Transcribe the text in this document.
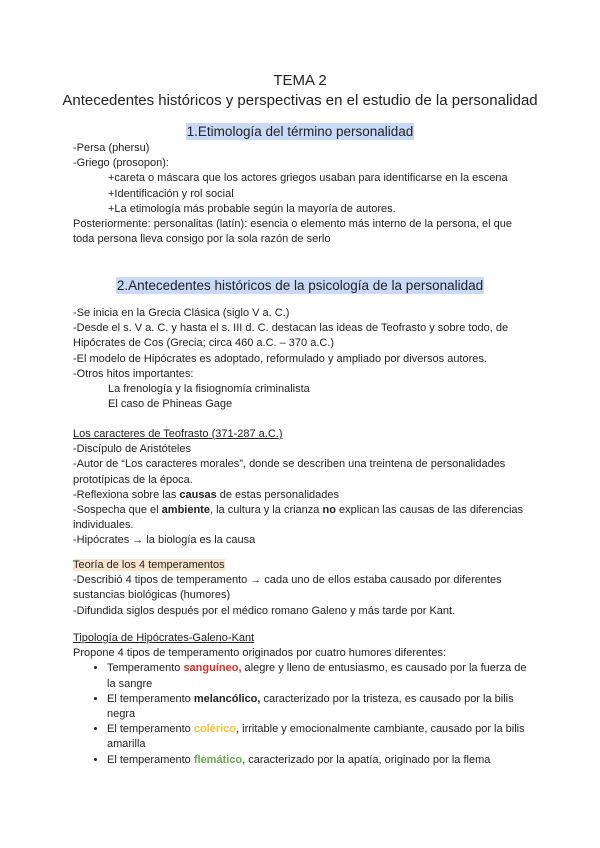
TEMA 2
Antecedentes históricos y perspectivas en el estudio de la personalidad
1.Etimología del término personalidad

-Persa (phersu)

-Griego (prosopon):

+careta o máscara que los actores griegos usaban para identificarse en la escena

+Identificación y rol social

+La etimología más probable según la mayoría de autores.

Posteriormente: personalitas (latín): esencia o elemento más interno de la persona, el que toda persona lleva consigo por la sola razón de serlo

2.Antecedentes históricos de la psicología de la personalidad

-Se inicia en la Grecia Clásica (siglo V a. C.)

-Desde el s. V a. C. y hasta el s. III d. C. destacan las ideas de Teofrasto y sobre todo, de Hipócrates de Cos (Grecia; circa 460 a.C. – 370 a.C.)

-El modelo de Hipócrates es adoptado, reformulado y ampliado por diversos autores.

-Otros hitos importantes:

La frenología y la fisiognomía criminalista

El caso de Phineas Gage

Los caracteres de Teofrasto (371-287 a.C.)

-Discípulo de Aristóteles

-Autor de “Los caracteres morales”, donde se describen una treintena de personalidades prototípicas de la época.

-Reflexiona sobre las causas de estas personalidades

-Sospecha que el ambiente, la cultura y la crianza no explican las causas de las diferencias individuales.

-Hipócrates → la biología es la causa

Teoría de los 4 temperamentos

-Describió 4 tipos de temperamento → cada uno de ellos estaba causado por diferentes sustancias biológicas (humores)

-Difundida siglos después por el médico romano Galeno y más tarde por Kant.

Tipología de Hipócrates-Galeno-Kant

Propone 4 tipos de temperamento originados por cuatro humores diferentes:

• Temperamento sanguíneo, alegre y lleno de entusiasmo, es causado por la fuerza de la sangre
• El temperamento melancólico, caracterizado por la tristeza, es causado por la bilis negra
• El temperamento colérico, irritable y emocionalmente cambiante, causado por la bilis amarilla
• El temperamento flemático, caracterizado por la apatía, originado por la flema
